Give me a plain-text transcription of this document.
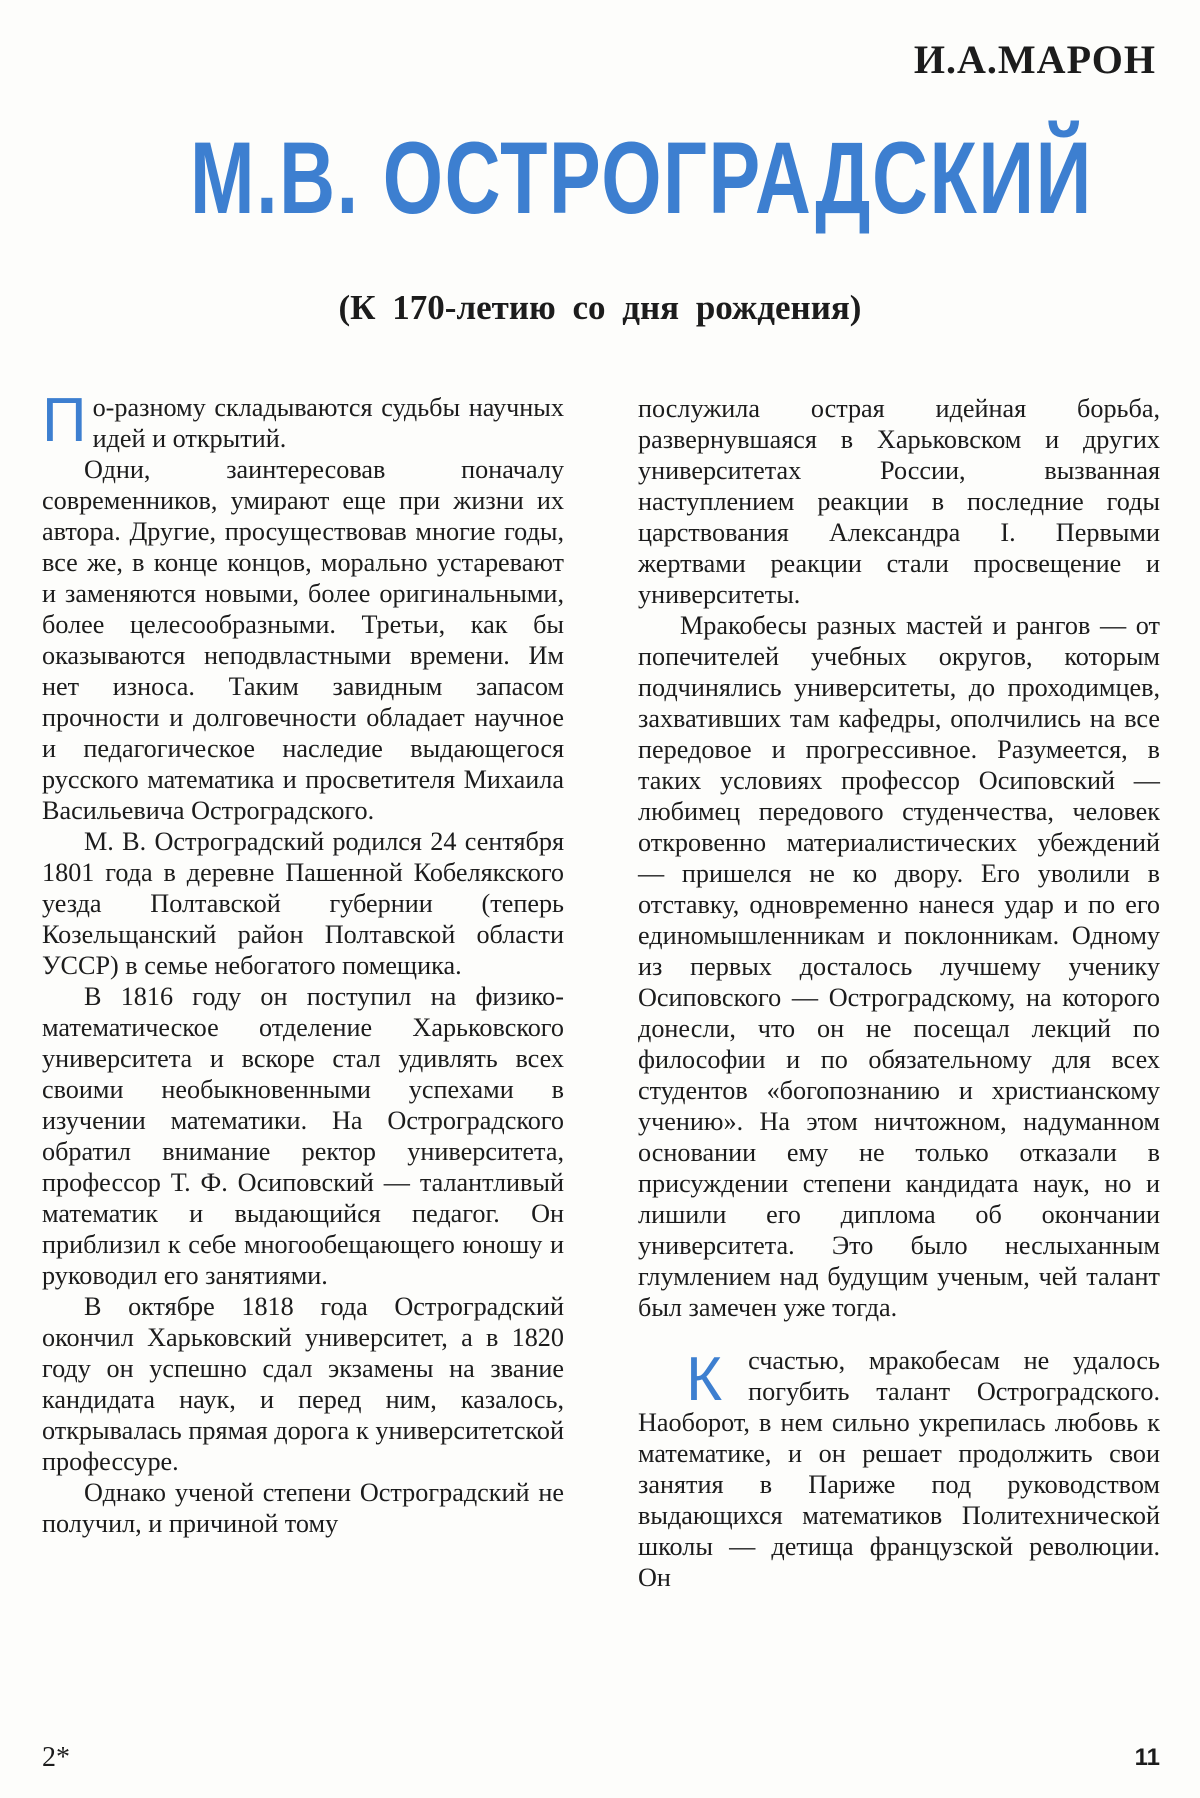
И.А.МАРОН
М.В. ОСТРОГРАДСКИЙ
(К 170-летию со дня рождения)

По-разному складываются судьбы научных идей и открытий.

Одни, заинтересовав поначалу современников, умирают еще при жизни их автора. Другие, просуществовав многие годы, все же, в конце концов, морально устаревают и заменяются новыми, более оригинальными, более целесообразными. Третьи, как бы оказываются неподвластными времени. Им нет износа. Таким завидным запасом прочности и долговечности обладает научное и педагогическое наследие выдающегося русского математика и просветителя Михаила Васильевича Остроградского.

М. В. Остроградский родился 24 сентября 1801 года в деревне Пашенной Кобелякского уезда Полтавской губернии (теперь Козельщанский район Полтавской области УССР) в семье небогатого помещика.

В 1816 году он поступил на физико-математическое отделение Харьковского университета и вскоре стал удивлять всех своими необыкновенными успехами в изучении математики. На Остроградского обратил внимание ректор университета, профессор Т. Ф. Осиповский — талантливый математик и выдающийся педагог. Он приблизил к себе многообещающего юношу и руководил его занятиями.

В октябре 1818 года Остроградский окончил Харьковский университет, а в 1820 году он успешно сдал экзамены на звание кандидата наук, и перед ним, казалось, открывалась прямая дорога к университетской профессуре.

Однако ученой степени Остроградский не получил, и причиной тому

послужила острая идейная борьба, развернувшаяся в Харьковском и других университетах России, вызванная наступлением реакции в последние годы царствования Александра I. Первыми жертвами реакции стали просвещение и университеты.

Мракобесы разных мастей и рангов — от попечителей учебных округов, которым подчинялись университеты, до проходимцев, захвативших там кафедры, ополчились на все передовое и прогрессивное. Разумеется, в таких условиях профессор Осиповский — любимец передового студенчества, человек откровенно материалистических убеждений — пришелся не ко двору. Его уволили в отставку, одновременно нанеся удар и по его единомышленникам и поклонникам. Одному из первых досталось лучшему ученику Осиповского — Остроградскому, на которого донесли, что он не посещал лекций по философии и по обязательному для всех студентов «богопознанию и христианскому учению». На этом ничтожном, надуманном основании ему не только отказали в присуждении степени кандидата наук, но и лишили его диплома об окончании университета. Это было неслыханным глумлением над будущим ученым, чей талант был замечен уже тогда.

Ксчастью, мракобесам не удалось погубить талант Остроградского. Наоборот, в нем сильно укрепилась любовь к математике, и он решает продолжить свои занятия в Париже под руководством выдающихся математиков Политехнической школы — детища французской революции. Он

2*	11
